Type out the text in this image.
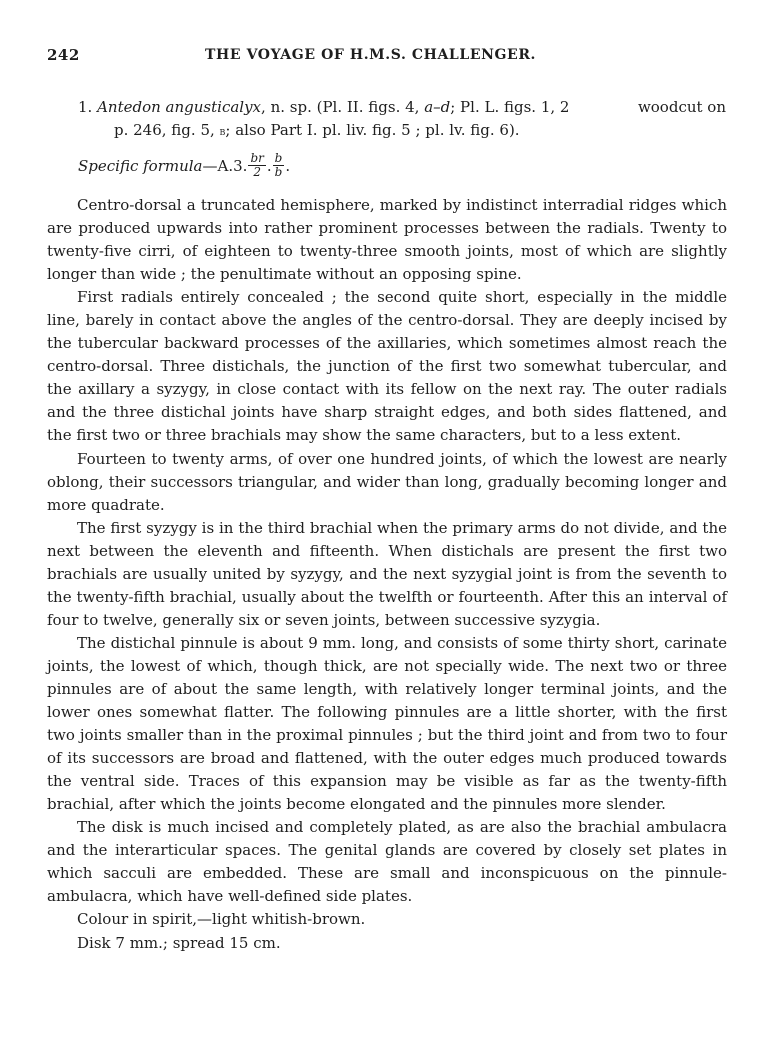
242	THE VOYAGE OF H.M.S. CHALLENGER.
1. Antedon angusticalyx, n. sp. (Pl. II. figs. 4, a–d; Pl. L. figs. 1, 2	woodcut on
p. 246, fig. 5, b; also Part I. pl. liv. fig. 5 ; pl. lv. fig. 6).
Specific formula —A.3. $\frac{br}{2}$ . $\frac{b}{b}$ .

Centro-dorsal a truncated hemisphere, marked by indistinct interradial ridges which are produced upwards into rather prominent processes between the radials. Twenty to twenty-five cirri, of eighteen to twenty-three smooth joints, most of which are slightly longer than wide ; the penultimate without an opposing spine.

First radials entirely concealed ; the second quite short, especially in the middle line, barely in contact above the angles of the centro-dorsal. They are deeply incised by the tubercular backward processes of the axillaries, which sometimes almost reach the centro-dorsal. Three distichals, the junction of the first two somewhat tubercular, and the axillary a syzygy, in close contact with its fellow on the next ray. The outer radials and the three distichal joints have sharp straight edges, and both sides flattened, and the first two or three brachials may show the same characters, but to a less extent.

Fourteen to twenty arms, of over one hundred joints, of which the lowest are nearly oblong, their successors triangular, and wider than long, gradually becoming longer and more quadrate.

The first syzygy is in the third brachial when the primary arms do not divide, and the next between the eleventh and fifteenth. When distichals are present the first two brachials are usually united by syzygy, and the next syzygial joint is from the seventh to the twenty-fifth brachial, usually about the twelfth or fourteenth. After this an interval of four to twelve, generally six or seven joints, between successive syzygia.

The distichal pinnule is about 9 mm. long, and consists of some thirty short, carinate joints, the lowest of which, though thick, are not specially wide. The next two or three pinnules are of about the same length, with relatively longer terminal joints, and the lower ones somewhat flatter. The following pinnules are a little shorter, with the first two joints smaller than in the proximal pinnules ; but the third joint and from two to four of its successors are broad and flattened, with the outer edges much produced towards the ventral side. Traces of this expansion may be visible as far as the twenty-fifth brachial, after which the joints become elongated and the pinnules more slender.

The disk is much incised and completely plated, as are also the brachial ambulacra and the interarticular spaces. The genital glands are covered by closely set plates in which sacculi are embedded. These are small and inconspicuous on the pinnule-ambulacra, which have well-defined side plates.

Colour in spirit,—light whitish-brown.

Disk 7 mm.; spread 15 cm.
